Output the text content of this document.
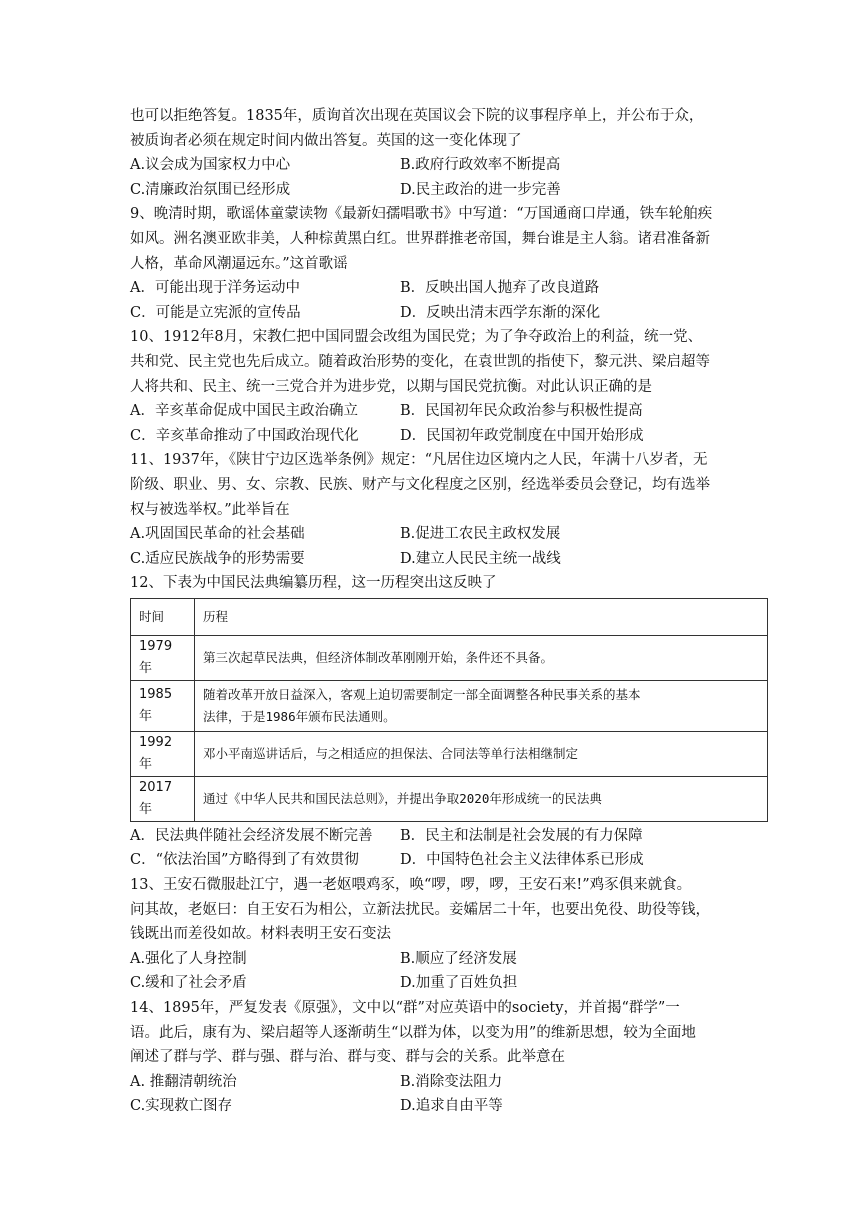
也可以拒绝答复。1835年，质询首次出现在英国议会下院的议事程序单上，并公布于众，
被质询者必须在规定时间内做出答复。英国的这一变化体现了
A.议会成为国家权力中心	B.政府行政效率不断提高
C.清廉政治氛围已经形成	D.民主政治的进一步完善
9、晚清时期，歌谣体童蒙读物《最新妇孺唱歌书》中写道：“万国通商口岸通，铁车轮舶疾
如风。洲名澳亚欧非美，人种棕黄黑白红。世界群推老帝国，舞台谁是主人翁。诸君准备新
人格，革命风潮逼远东。”这首歌谣
A．可能出现于洋务运动中	B．反映出国人抛弃了改良道路
C．可能是立宪派的宣传品	D．反映出清末西学东渐的深化
10、1912年8月，宋教仁把中国同盟会改组为国民党；为了争夺政治上的利益，统一党、
共和党、民主党也先后成立。随着政治形势的变化，在袁世凯的指使下，黎元洪、梁启超等
人将共和、民主、统一三党合并为进步党，以期与国民党抗衡。对此认识正确的是
A．辛亥革命促成中国民主政治确立	B．民国初年民众政治参与积极性提高
C．辛亥革命推动了中国政治现代化	D．民国初年政党制度在中国开始形成
11、1937年，《陕甘宁边区选举条例》规定：“凡居住边区境内之人民，年满十八岁者，无
阶级、职业、男、女、宗教、民族、财产与文化程度之区别，经选举委员会登记，均有选举
权与被选举权。”此举旨在
A.巩固国民革命的社会基础	B.促进工农民主政权发展
C.适应民族战争的形势需要	D.建立人民民主统一战线
12、下表为中国民法典编纂历程，这一历程突出这反映了
时间	历程
1979 年	第三次起草民法典，但经济体制改革刚刚开始，条件还不具备。
1985 年	随着改革开放日益深入，客观上迫切需要制定一部全面调整各种民事关系的基本
法律，于是1986年颁布民法通则。

1992 年	邓小平南巡讲话后，与之相适应的担保法、合同法等单行法相继制定
2017 年	通过《中华人民共和国民法总则》，并提出争取2020年形成统一的民法典
A．民法典伴随社会经济发展不断完善	B．民主和法制是社会发展的有力保障
C．“依法治国”方略得到了有效贯彻	D．中国特色社会主义法律体系已形成
13、王安石微服赴江宁，遇一老妪喂鸡豕，唤“啰，啰，啰，王安石来!”鸡豕俱来就食。
问其故，老妪曰：自王安石为相公，立新法扰民。妾孀居二十年，也要出免役、助役等钱，
钱既出而差役如故。材料表明王安石变法
A.强化了人身控制	B.顺应了经济发展
C.缓和了社会矛盾	D.加重了百姓负担
14、1895年，严复发表《原强》，文中以“群”对应英语中的society，并首揭“群学”一
语。此后，康有为、梁启超等人逐渐萌生“以群为体，以变为用”的维新思想，较为全面地
阐述了群与学、群与强、群与治、群与变、群与会的关系。此举意在
A. 推翻清朝统治	B.消除变法阻力
C.实现救亡图存	D.追求自由平等
